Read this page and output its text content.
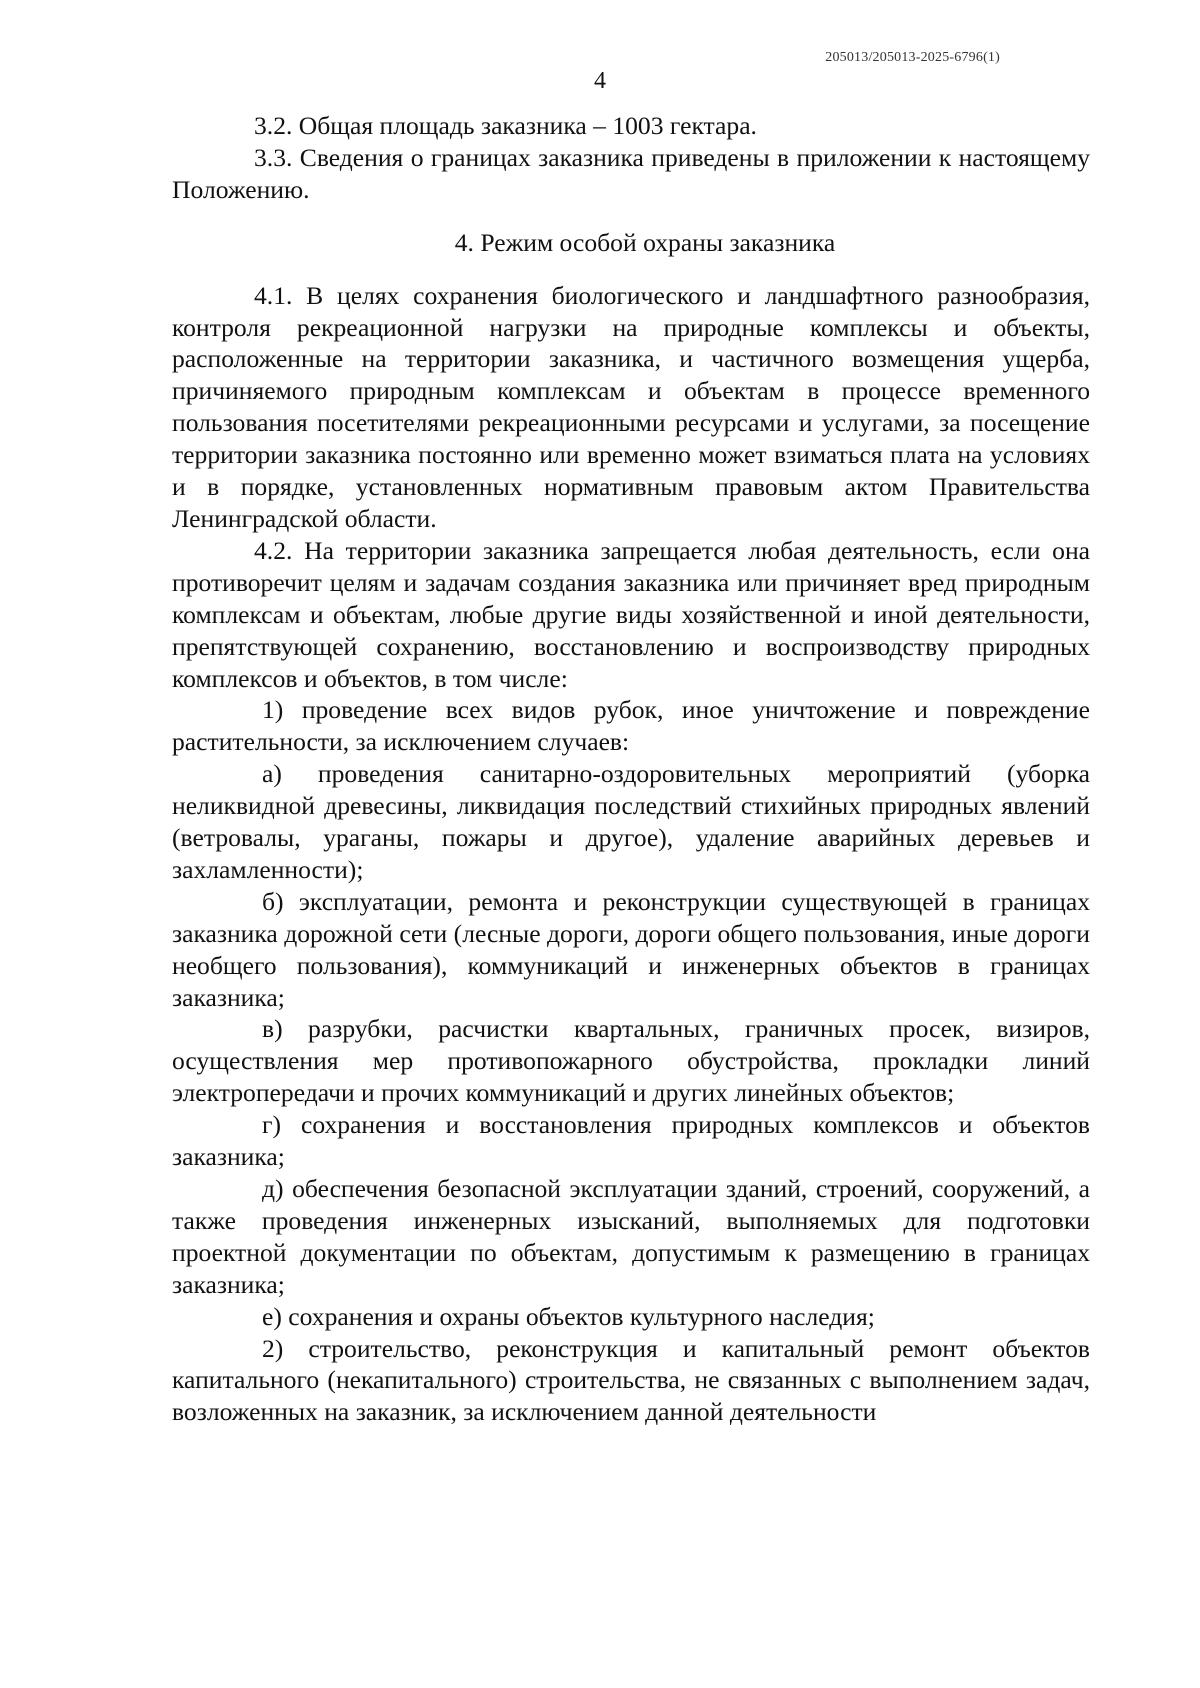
205013/205013-2025-6796(1)
4

3.2. Общая площадь заказника – 1003 гектара.

3.3. Сведения о границах заказника приведены в приложении к настоящему Положению.

4. Режим особой охраны заказника

4.1. В целях сохранения биологического и ландшафтного разнообразия, контроля рекреационной нагрузки на природные комплексы и объекты, расположенные на территории заказника, и частичного возмещения ущерба, причиняемого природным комплексам и объектам в процессе временного пользования посетителями рекреационными ресурсами и услугами, за посещение территории заказника постоянно или временно может взиматься плата на условиях и в порядке, установленных нормативным правовым актом Правительства Ленинградской области.

4.2. На территории заказника запрещается любая деятельность, если она противоречит целям и задачам создания заказника или причиняет вред природным комплексам и объектам, любые другие виды хозяйственной и иной деятельности, препятствующей сохранению, восстановлению и воспроизводству природных комплексов и объектов, в том числе:

1) проведение всех видов рубок, иное уничтожение и повреждение растительности, за исключением случаев:

а) проведения санитарно-оздоровительных мероприятий (уборка неликвидной древесины, ликвидация последствий стихийных природных явлений (ветровалы, ураганы, пожары и другое), удаление аварийных деревьев и захламленности);

б) эксплуатации, ремонта и реконструкции существующей в границах заказника дорожной сети (лесные дороги, дороги общего пользования, иные дороги необщего пользования), коммуникаций и инженерных объектов в границах заказника;

в) разрубки, расчистки квартальных, граничных просек, визиров, осуществления мер противопожарного обустройства, прокладки линий электропередачи и прочих коммуникаций и других линейных объектов;

г) сохранения и восстановления природных комплексов и объектов заказника;

д) обеспечения безопасной эксплуатации зданий, строений, сооружений, а также проведения инженерных изысканий, выполняемых для подготовки проектной документации по объектам, допустимым к размещению в границах заказника;

е) сохранения и охраны объектов культурного наследия;

2) строительство, реконструкция и капитальный ремонт объектов капитального (некапитального) строительства, не связанных с выполнением задач, возложенных на заказник, за исключением данной деятельности
